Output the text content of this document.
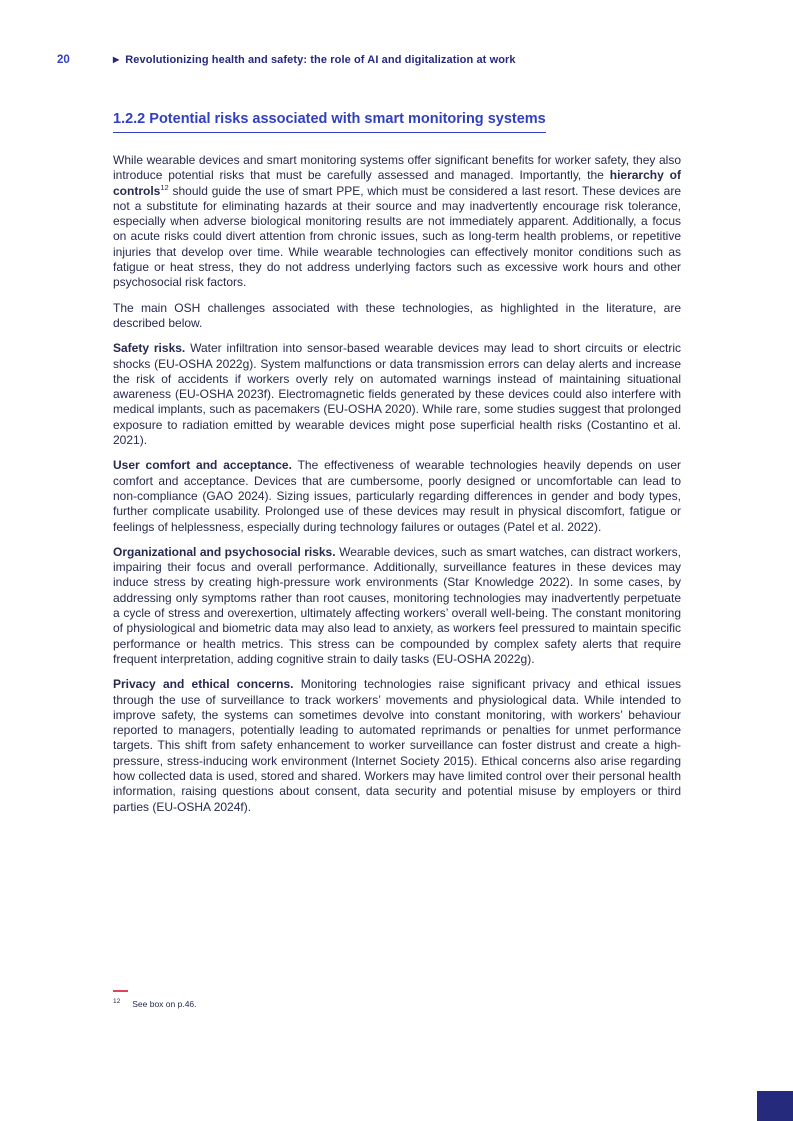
20	▶ Revolutionizing health and safety: the role of AI and digitalization at work
1.2.2 Potential risks associated with smart monitoring systems

While wearable devices and smart monitoring systems offer significant benefits for worker safety, they also introduce potential risks that must be carefully assessed and managed. Importantly, the hierarchy of controls$^{12}$ should guide the use of smart PPE, which must be considered a last resort. These devices are not a substitute for eliminating hazards at their source and may inadvertently encourage risk tolerance, especially when adverse biological monitoring results are not immediately apparent. Additionally, a focus on acute risks could divert attention from chronic issues, such as long-term health problems, or repetitive injuries that develop over time. While wearable technologies can effectively monitor conditions such as fatigue or heat stress, they do not address underlying factors such as excessive work hours and other psychosocial risk factors.

The main OSH challenges associated with these technologies, as highlighted in the literature, are described below.

Safety risks. Water infiltration into sensor-based wearable devices may lead to short circuits or electric shocks (EU-OSHA 2022g). System malfunctions or data transmission errors can delay alerts and increase the risk of accidents if workers overly rely on automated warnings instead of maintaining situational awareness (EU-OSHA 2023f). Electromagnetic fields generated by these devices could also interfere with medical implants, such as pacemakers (EU-OSHA 2020). While rare, some studies suggest that prolonged exposure to radiation emitted by wearable devices might pose superficial health risks (Costantino et al. 2021).

User comfort and acceptance. The effectiveness of wearable technologies heavily depends on user comfort and acceptance. Devices that are cumbersome, poorly designed or uncomfortable can lead to non-compliance (GAO 2024). Sizing issues, particularly regarding differences in gender and body types, further complicate usability. Prolonged use of these devices may result in physical discomfort, fatigue or feelings of helplessness, especially during technology failures or outages (Patel et al. 2022).

Organizational and psychosocial risks. Wearable devices, such as smart watches, can distract workers, impairing their focus and overall performance. Additionally, surveillance features in these devices may induce stress by creating high-pressure work environments (Star Knowledge 2022). In some cases, by addressing only symptoms rather than root causes, monitoring technologies may inadvertently perpetuate a cycle of stress and overexertion, ultimately affecting workers’ overall well-being. The constant monitoring of physiological and biometric data may also lead to anxiety, as workers feel pressured to maintain specific performance or health metrics. This stress can be compounded by complex safety alerts that require frequent interpretation, adding cognitive strain to daily tasks (EU-OSHA 2022g).

Privacy and ethical concerns. Monitoring technologies raise significant privacy and ethical issues through the use of surveillance to track workers’ movements and physiological data. While intended to improve safety, the systems can sometimes devolve into constant monitoring, with workers’ behaviour reported to managers, potentially leading to automated reprimands or penalties for unmet performance targets. This shift from safety enhancement to worker surveillance can foster distrust and create a high-pressure, stress-inducing work environment (Internet Society 2015). Ethical concerns also arise regarding how collected data is used, stored and shared. Workers may have limited control over their personal health information, raising questions about consent, data security and potential misuse by employers or third parties (EU-OSHA 2024f).

$^{12}$ See box on p.46.
